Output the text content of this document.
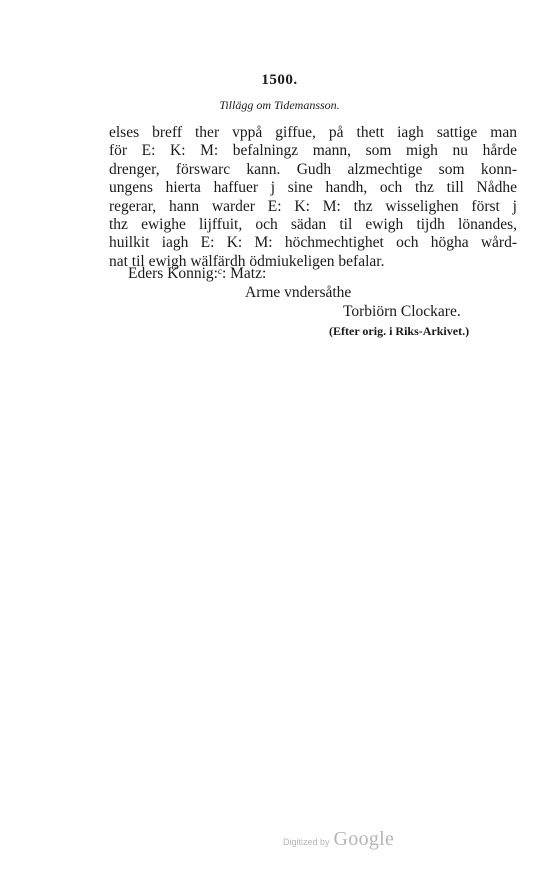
1500.
Tillägg om Tidemansson.
elses breff ther vppå giffue, på thett iagh sattige man
för E: K: M: befalningz mann, som migh nu hårde
drenger, förswarc kann. Gudh alzmechtige som konn-
ungens hierta haffuer j sine handh, och thz till Nådhe
regerar, hann warder E: K: M: thz wisselighen först j
thz ewighe lijffuit, och sädan til ewigh tijdh lönandes,
huilkit iagh E: K: M: höchmechtighet och högha wård-
nat til ewigh wälfärdh ödmiukeligen befalar.
Eders Konnig:ᶜ: Matz:
Arme vndersåthe
Torbiörn Clockare.
(Efter orig. i Riks-Arkivet.)
Digitized by Google
